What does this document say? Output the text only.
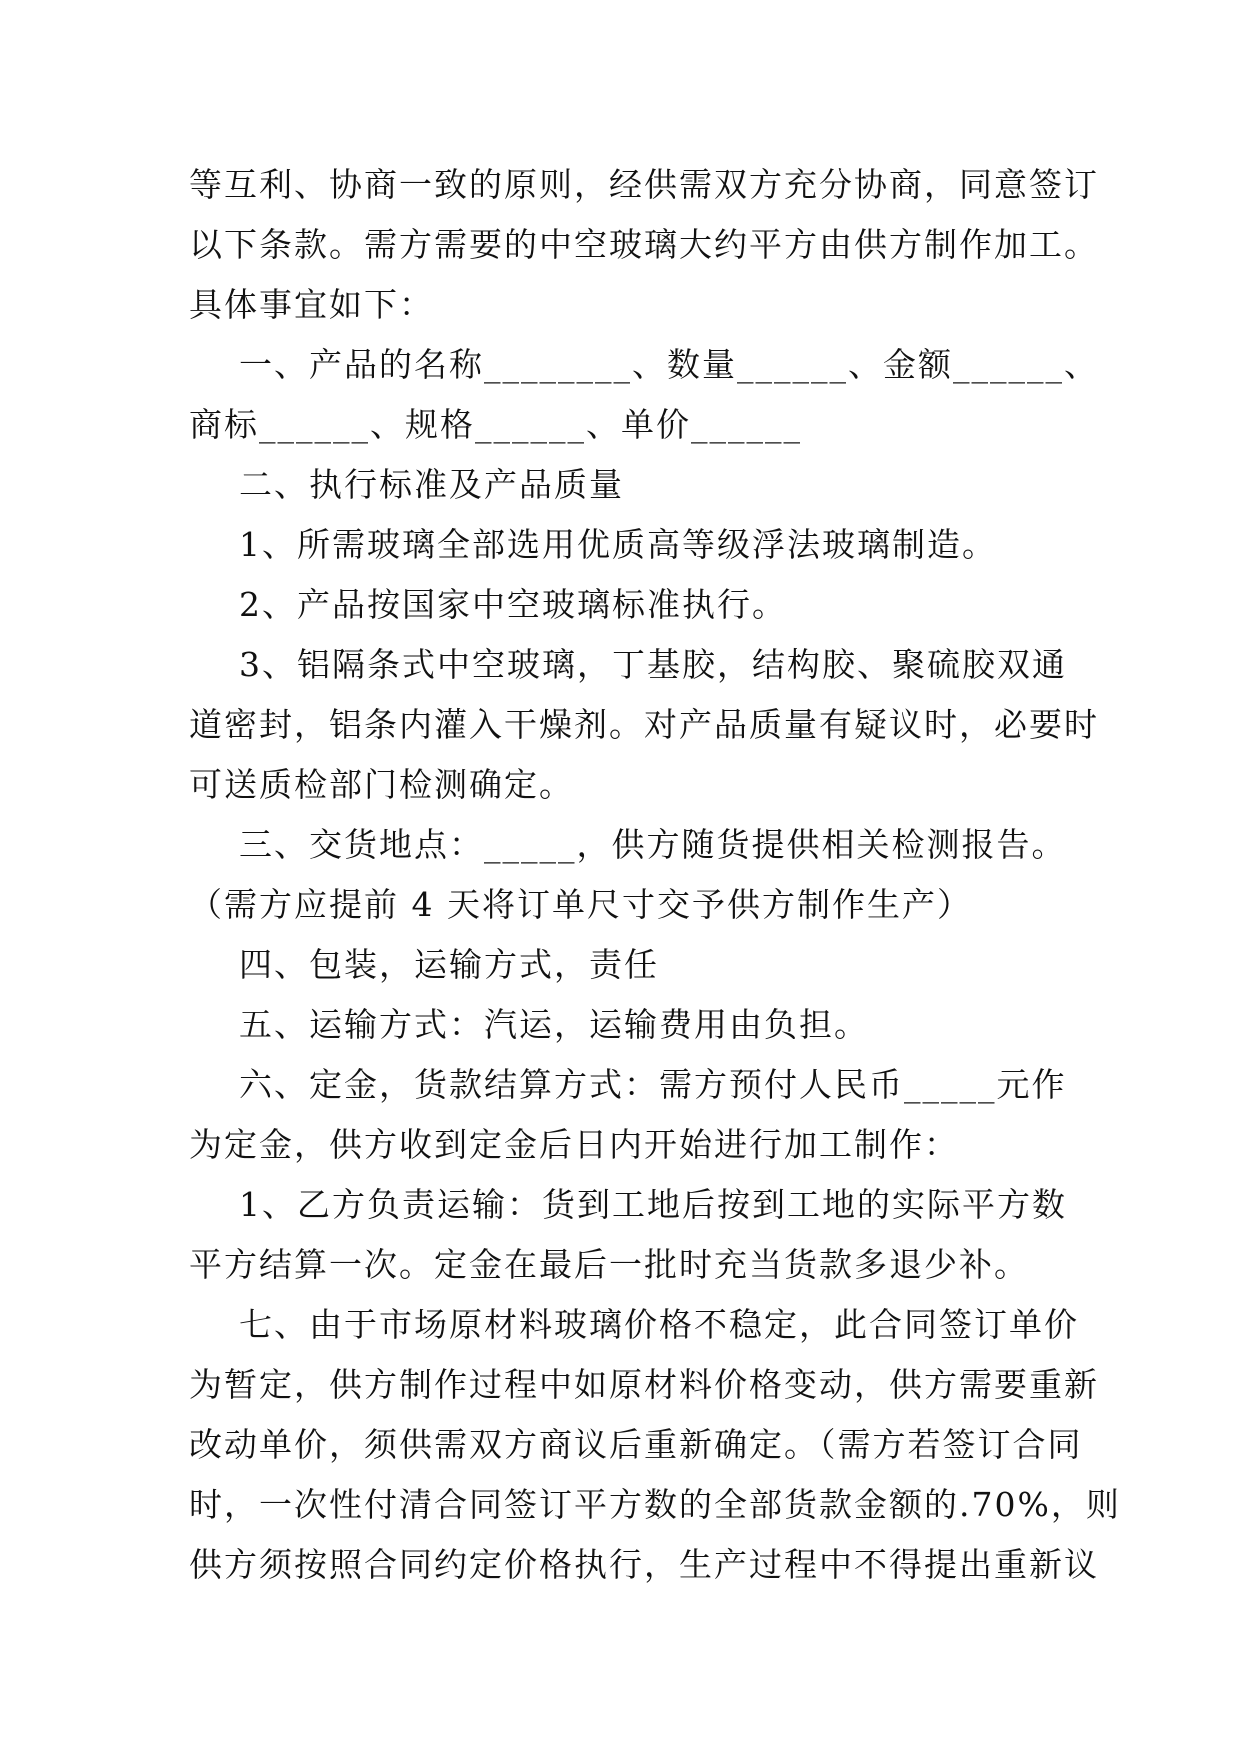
等互利、协商一致的原则，经供需双方充分协商，同意签订
以下条款。需方需要的中空玻璃大约平方由供方制作加工。
具体事宜如下：
一、产品的名称________、数量______、金额______、
商标______、规格______、单价______
二、执行标准及产品质量
1、所需玻璃全部选用优质高等级浮法玻璃制造。
2、产品按国家中空玻璃标准执行。
3、铝隔条式中空玻璃，丁基胶，结构胶、聚硫胶双通
道密封，铝条内灌入干燥剂。对产品质量有疑议时，必要时
可送质检部门检测确定。
三、交货地点：_____，供方随货提供相关检测报告。
（需方应提前 4 天将订单尺寸交予供方制作生产）
四、包装，运输方式，责任
五、运输方式：汽运，运输费用由负担。
六、定金，货款结算方式：需方预付人民币_____元作
为定金，供方收到定金后日内开始进行加工制作：
1、乙方负责运输：货到工地后按到工地的实际平方数
平方结算一次。定金在最后一批时充当货款多退少补。
七、由于市场原材料玻璃价格不稳定，此合同签订单价
为暂定，供方制作过程中如原材料价格变动，供方需要重新
改动单价，须供需双方商议后重新确定。（需方若签订合同
时，一次性付清合同签订平方数的全部货款金额的.70%，则
供方须按照合同约定价格执行，生产过程中不得提出重新议
